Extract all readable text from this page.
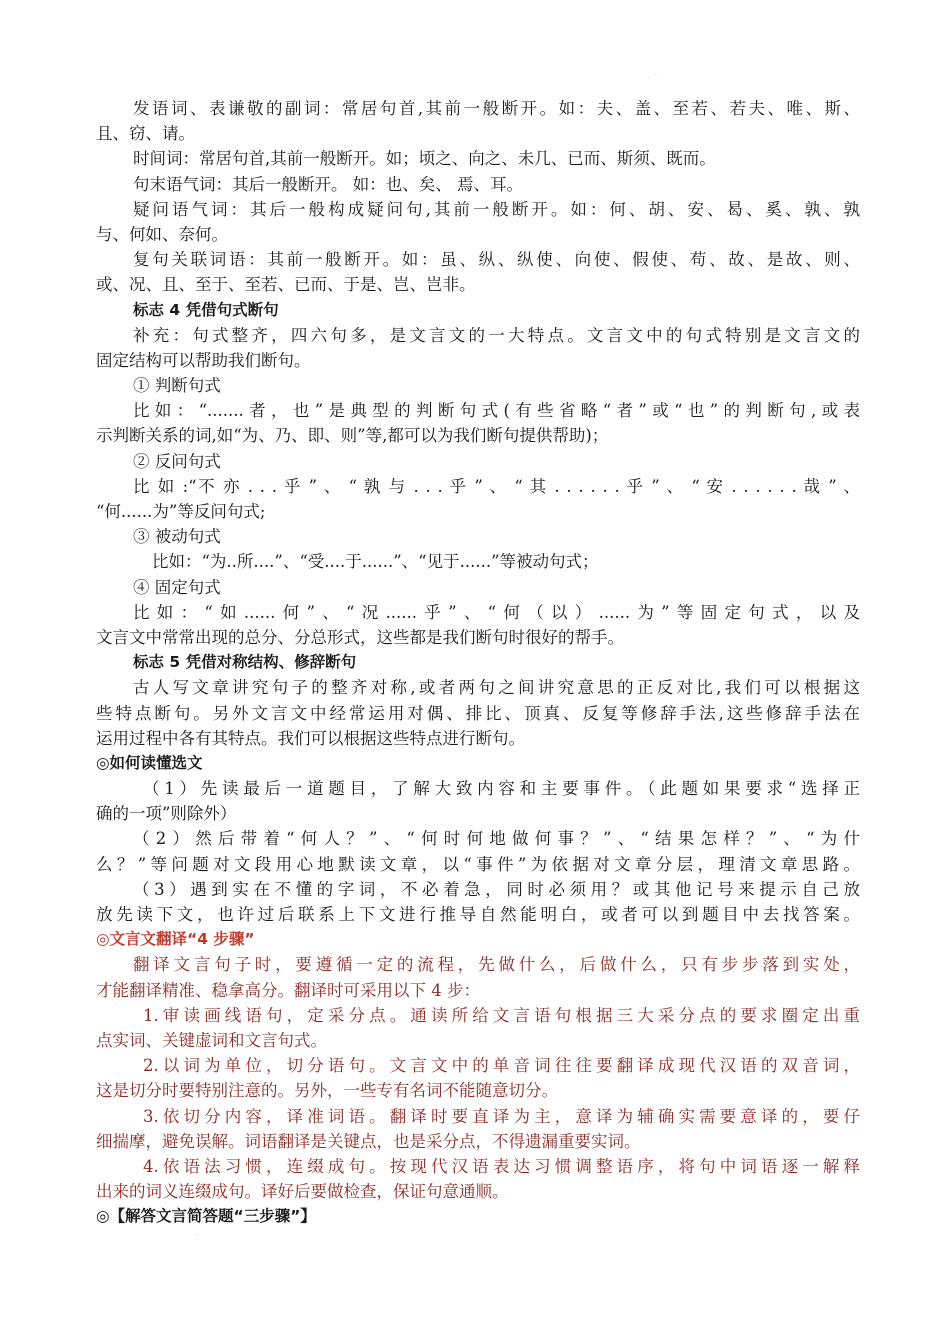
·
·
发语词、表谦敬的副词：常居句首,其前一般断开。如：夫、盖、至若、若夫、唯、斯、
且、窃、请。
时间词：常居句首,其前一般断开。如；顷之、向之、未几、已而、斯须、既而。
句末语气词：其后一般断开。 如：也、矣、 焉、耳。
疑问语气词：其后一般构成疑问句,其前一般断开。如：何、胡、安、曷、奚、孰、孰
与、何如、奈何。
复句关联词语：其前一般断开。如：虽、纵、纵使、向使、假使、苟、故、是故、则、
或、况、且、至于、至若、已而、于是、岂、岂非。
标志 4 凭借句式断句
补充：句式整齐，四六句多，是文言文的一大特点。文言文中的句式特别是文言文的
固定结构可以帮助我们断句。
① 判断句式
比如：“.......者，也”是典型的判断句式(有些省略“者”或“也”的判断句,或表
示判断关系的词,如“为、乃、即、则”等,都可以为我们断句提供帮助)；
② 反问句式
比 如 :“不 亦 . . . 乎 ” 、 “ 孰 与 . . . 乎 ” 、 “ 其 . . . . . . 乎 ” 、 “ 安 . . . . . . 哉 ” 、
“何......为”等反问句式;
③ 被动句式
比如：“为..所....”、“受....于......”、“见于......”等被动句式；
④ 固定句式
比如：“如......何”、“况......乎”、“何（以）......为”等固定句式，以及
文言文中常常出现的总分、分总形式，这些都是我们断句时很好的帮手。
标志 5 凭借对称结构、修辞断句
古人写文章讲究句子的整齐对称,或者两句之间讲究意思的正反对比,我们可以根据这
些特点断句。另外文言文中经常运用对偶、排比、顶真、反复等修辞手法,这些修辞手法在
运用过程中各有其特点。我们可以根据这些特点进行断句。
◎如何读懂选文
（1）先读最后一道题目，了解大致内容和主要事件。（此题如果要求“选择正
确的一项”则除外）
（2）然后带着“何人？”、“何时何地做何事？”、“结果怎样？”、“为什
么？”等问题对文段用心地默读文章，以“事件”为依据对文章分层，理清文章思路。
（3）遇到实在不懂的字词，不必着急，同时必须用？或其他记号来提示自己放
放先读下文，也许过后联系上下文进行推导自然能明白，或者可以到题目中去找答案。
◎文言文翻译“4 步骤”
翻译文言句子时，要遵循一定的流程，先做什么，后做什么，只有步步落到实处，
才能翻译精准、稳拿高分。翻译时可采用以下 4 步：
1.审读画线语句，定采分点。通读所给文言语句根据三大采分点的要求圈定出重
点实词、关键虚词和文言句式。
2.以词为单位，切分语句。文言文中的单音词往往要翻译成现代汉语的双音词，
这是切分时要特别注意的。另外，一些专有名词不能随意切分。
3.依切分内容，译准词语。翻译时要直译为主，意译为辅确实需要意译的，要仔
细揣摩，避免误解。词语翻译是关键点，也是采分点，不得遗漏重要实词。
4.依语法习惯，连缀成句。按现代汉语表达习惯调整语序，将句中词语逐一解释
出来的词义连缀成句。译好后要做检查，保证句意通顺。
◎【解答文言简答题“三步骤”】
